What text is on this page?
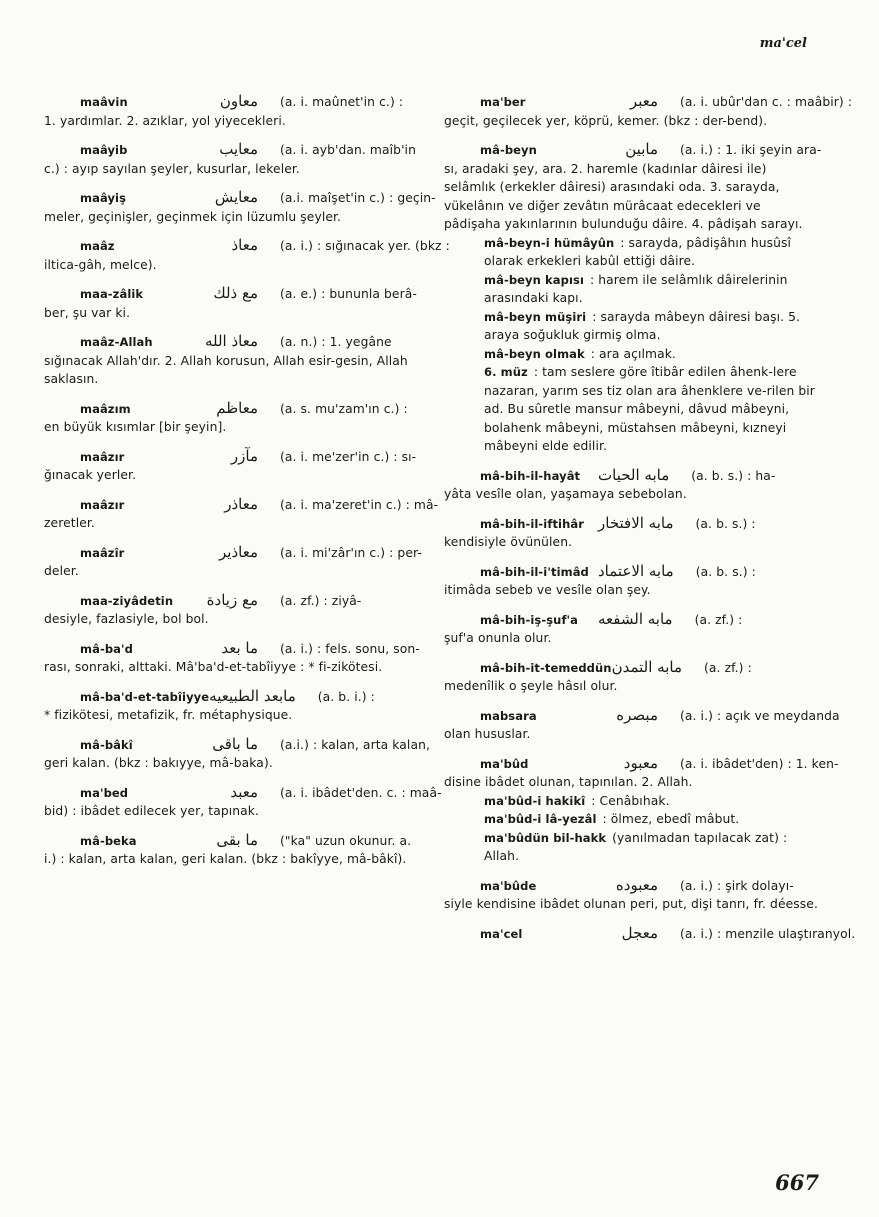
ma'cel
maâvin	معاون (a. i. maûnet'in c.) :
1. yardımlar. 2. azıklar, yol yiyecekleri.
maâyib	معايب (a. i. ayb'dan. maîb'in
c.) : ayıp sayılan şeyler, kusurlar, lekeler.
maâyiş	معايش (a.i. maîşet'in c.) : geçin-
meler, geçinişler, geçinmek için lüzumlu şeyler.
maâz	معاذ (a. i.) : sığınacak yer. (bkz :
iltica-gâh, melce).
maa-zâlik	مع ذلك (a. e.) : bununla berâ-
ber, şu var ki.
maâz-Allah	معاذ الله (a. n.) : 1. yegâne
sığınacak Allah'dır. 2. Allah korusun, Allah esir-gesin, Allah saklasın.
maâzım	معاظم (a. s. mu'zam'ın c.) :
en büyük kısımlar [bir şeyin].
maâzır	مآزر (a. i. me'zer'in c.) : sı-
ğınacak yerler.
maâzır	معاذر (a. i. ma'zeret'in c.) : mâ-
zeretler.
maâzîr	معاذير (a. i. mi'zâr'ın c.) : per-
deler.
maa-ziyâdetin	مع زيادة (a. zf.) : ziyâ-
desiyle, fazlasiyle, bol bol.
mâ-ba'd	ما بعد (a. i.) : fels. sonu, son-
rası, sonraki, alttaki. Mâ'ba'd-et-tabîiyye : * fi-zikötesi.
mâ-ba'd-et-tabîiyye مابعد الطبيعيه (a. b. i.) :
* fizikötesi, metafizik, fr. métaphysique.
mâ-bâkî	ما باقى (a.i.) : kalan, arta kalan,
geri kalan. (bkz : bakıyye, mâ-baka).
ma'bed	معبد (a. i. ibâdet'den. c. : maâ-
bid) : ibâdet edilecek yer, tapınak.
mâ-beka	ما بقى ("ka" uzun okunur. a.
i.) : kalan, arta kalan, geri kalan. (bkz : bakîyye, mâ-bâkî).
ma'ber	معبر (a. i. ubûr'dan c. : maâbir) :
geçit, geçilecek yer, köprü, kemer. (bkz : der-bend).
mâ-beyn	مابين (a. i.) : 1. iki şeyin ara-
sı, aradaki şey, ara. 2. haremle (kadınlar dâiresi ile) selâmlık (erkekler dâiresi) arasındaki oda. 3. sarayda, vükelânın ve diğer zevâtın mürâcaat edecekleri ve pâdişaha yakınlarının bulunduğu dâire. 4. pâdişah sarayı.
mâ-beyn-i hümâyûn : sarayda, pâdişâhın husûsî olarak erkekleri kabûl ettiği dâire.
mâ-beyn kapısı : harem ile selâmlık dâirelerinin arasındaki kapı.
mâ-beyn müşiri : sarayda mâbeyn dâiresi başı. 5. araya soğukluk girmiş olma.
mâ-beyn olmak : ara açılmak.
6. müz : tam seslere göre îtibâr edilen âhenk-lere nazaran, yarım ses tiz olan ara âhenklere ve-rilen bir ad. Bu sûretle mansur mâbeyni, dâvud mâbeyni, bolahenk mâbeyni, müstahsen mâbeyni, kızneyi mâbeyni elde edilir.
mâ-bih-il-hayât	مابه الحيات (a. b. s.) : ha-
yâta vesîle olan, yaşamaya sebebolan.
mâ-bih-il-iftihâr مابه الافتخار (a. b. s.) :
kendisiyle övünülen.
mâ-bih-il-i'timâd مابه الاعتماد (a. b. s.) :
itimâda sebeb ve vesîle olan şey.
mâ-bih-iş-şuf'a	مابه الشفعه (a. zf.) :
şuf'a onunla olur.
mâ-bih-it-temeddün مابه التمدن (a. zf.) :
medenîlik o şeyle hâsıl olur.
mabsara	مبصره (a. i.) : açık ve meydanda
olan hususlar.
ma'bûd	معبود (a. i. ibâdet'den) : 1. ken-
disine ibâdet olunan, tapınılan. 2. Allah.
ma'bûd-i hakikî : Cenâbıhak.
ma'bûd-i lâ-yezâl : ölmez, ebedî mâbut.
ma'bûdün bil-hakk (yanılmadan tapılacak zat) : Allah.
ma'bûde	معبوده (a. i.) : şirk dolayı-
siyle kendisine ibâdet olunan peri, put, dişi tanrı, fr. déesse.
ma'cel	معجل (a. i.) : menzile ulaştıranyol.
667
